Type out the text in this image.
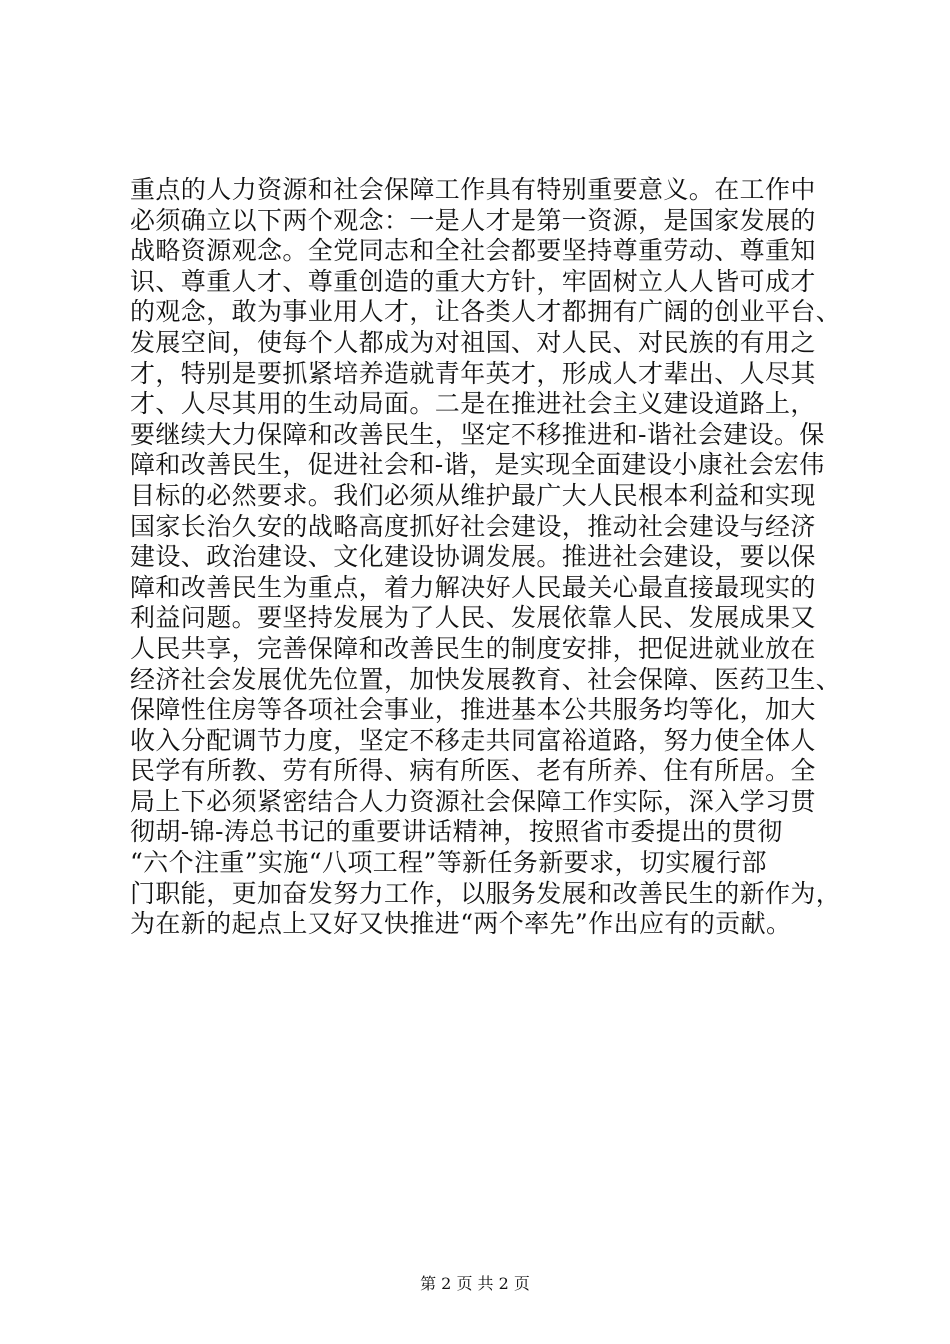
重点的人力资源和社会保障工作具有特别重要意义。在工作中
必须确立以下两个观念：一是人才是第一资源，是国家发展的
战略资源观念。全党同志和全社会都要坚持尊重劳动、尊重知
识、尊重人才、尊重创造的重大方针，牢固树立人人皆可成才
的观念，敢为事业用人才，让各类人才都拥有广阔的创业平台、
发展空间，使每个人都成为对祖国、对人民、对民族的有用之
才，特别是要抓紧培养造就青年英才，形成人才辈出、人尽其
才、人尽其用的生动局面。二是在推进社会主义建设道路上，
要继续大力保障和改善民生，坚定不移推进和-谐社会建设。保
障和改善民生，促进社会和-谐，是实现全面建设小康社会宏伟
目标的必然要求。我们必须从维护最广大人民根本利益和实现
国家长治久安的战略高度抓好社会建设，推动社会建设与经济
建设、政治建设、文化建设协调发展。推进社会建设，要以保
障和改善民生为重点，着力解决好人民最关心最直接最现实的
利益问题。要坚持发展为了人民、发展依靠人民、发展成果又
人民共享，完善保障和改善民生的制度安排，把促进就业放在
经济社会发展优先位置，加快发展教育、社会保障、医药卫生、
保障性住房等各项社会事业，推进基本公共服务均等化，加大
收入分配调节力度，坚定不移走共同富裕道路，努力使全体人
民学有所教、劳有所得、病有所医、老有所养、住有所居。全
局上下必须紧密结合人力资源社会保障工作实际，深入学习贯
彻胡-锦-涛总书记的重要讲话精神，按照省市委提出的贯彻
“六个注重”实施“八项工程”等新任务新要求，切实履行部
门职能，更加奋发努力工作，以服务发展和改善民生的新作为，
为在新的起点上又好又快推进“两个率先”作出应有的贡献。
第 2 页 共 2 页
